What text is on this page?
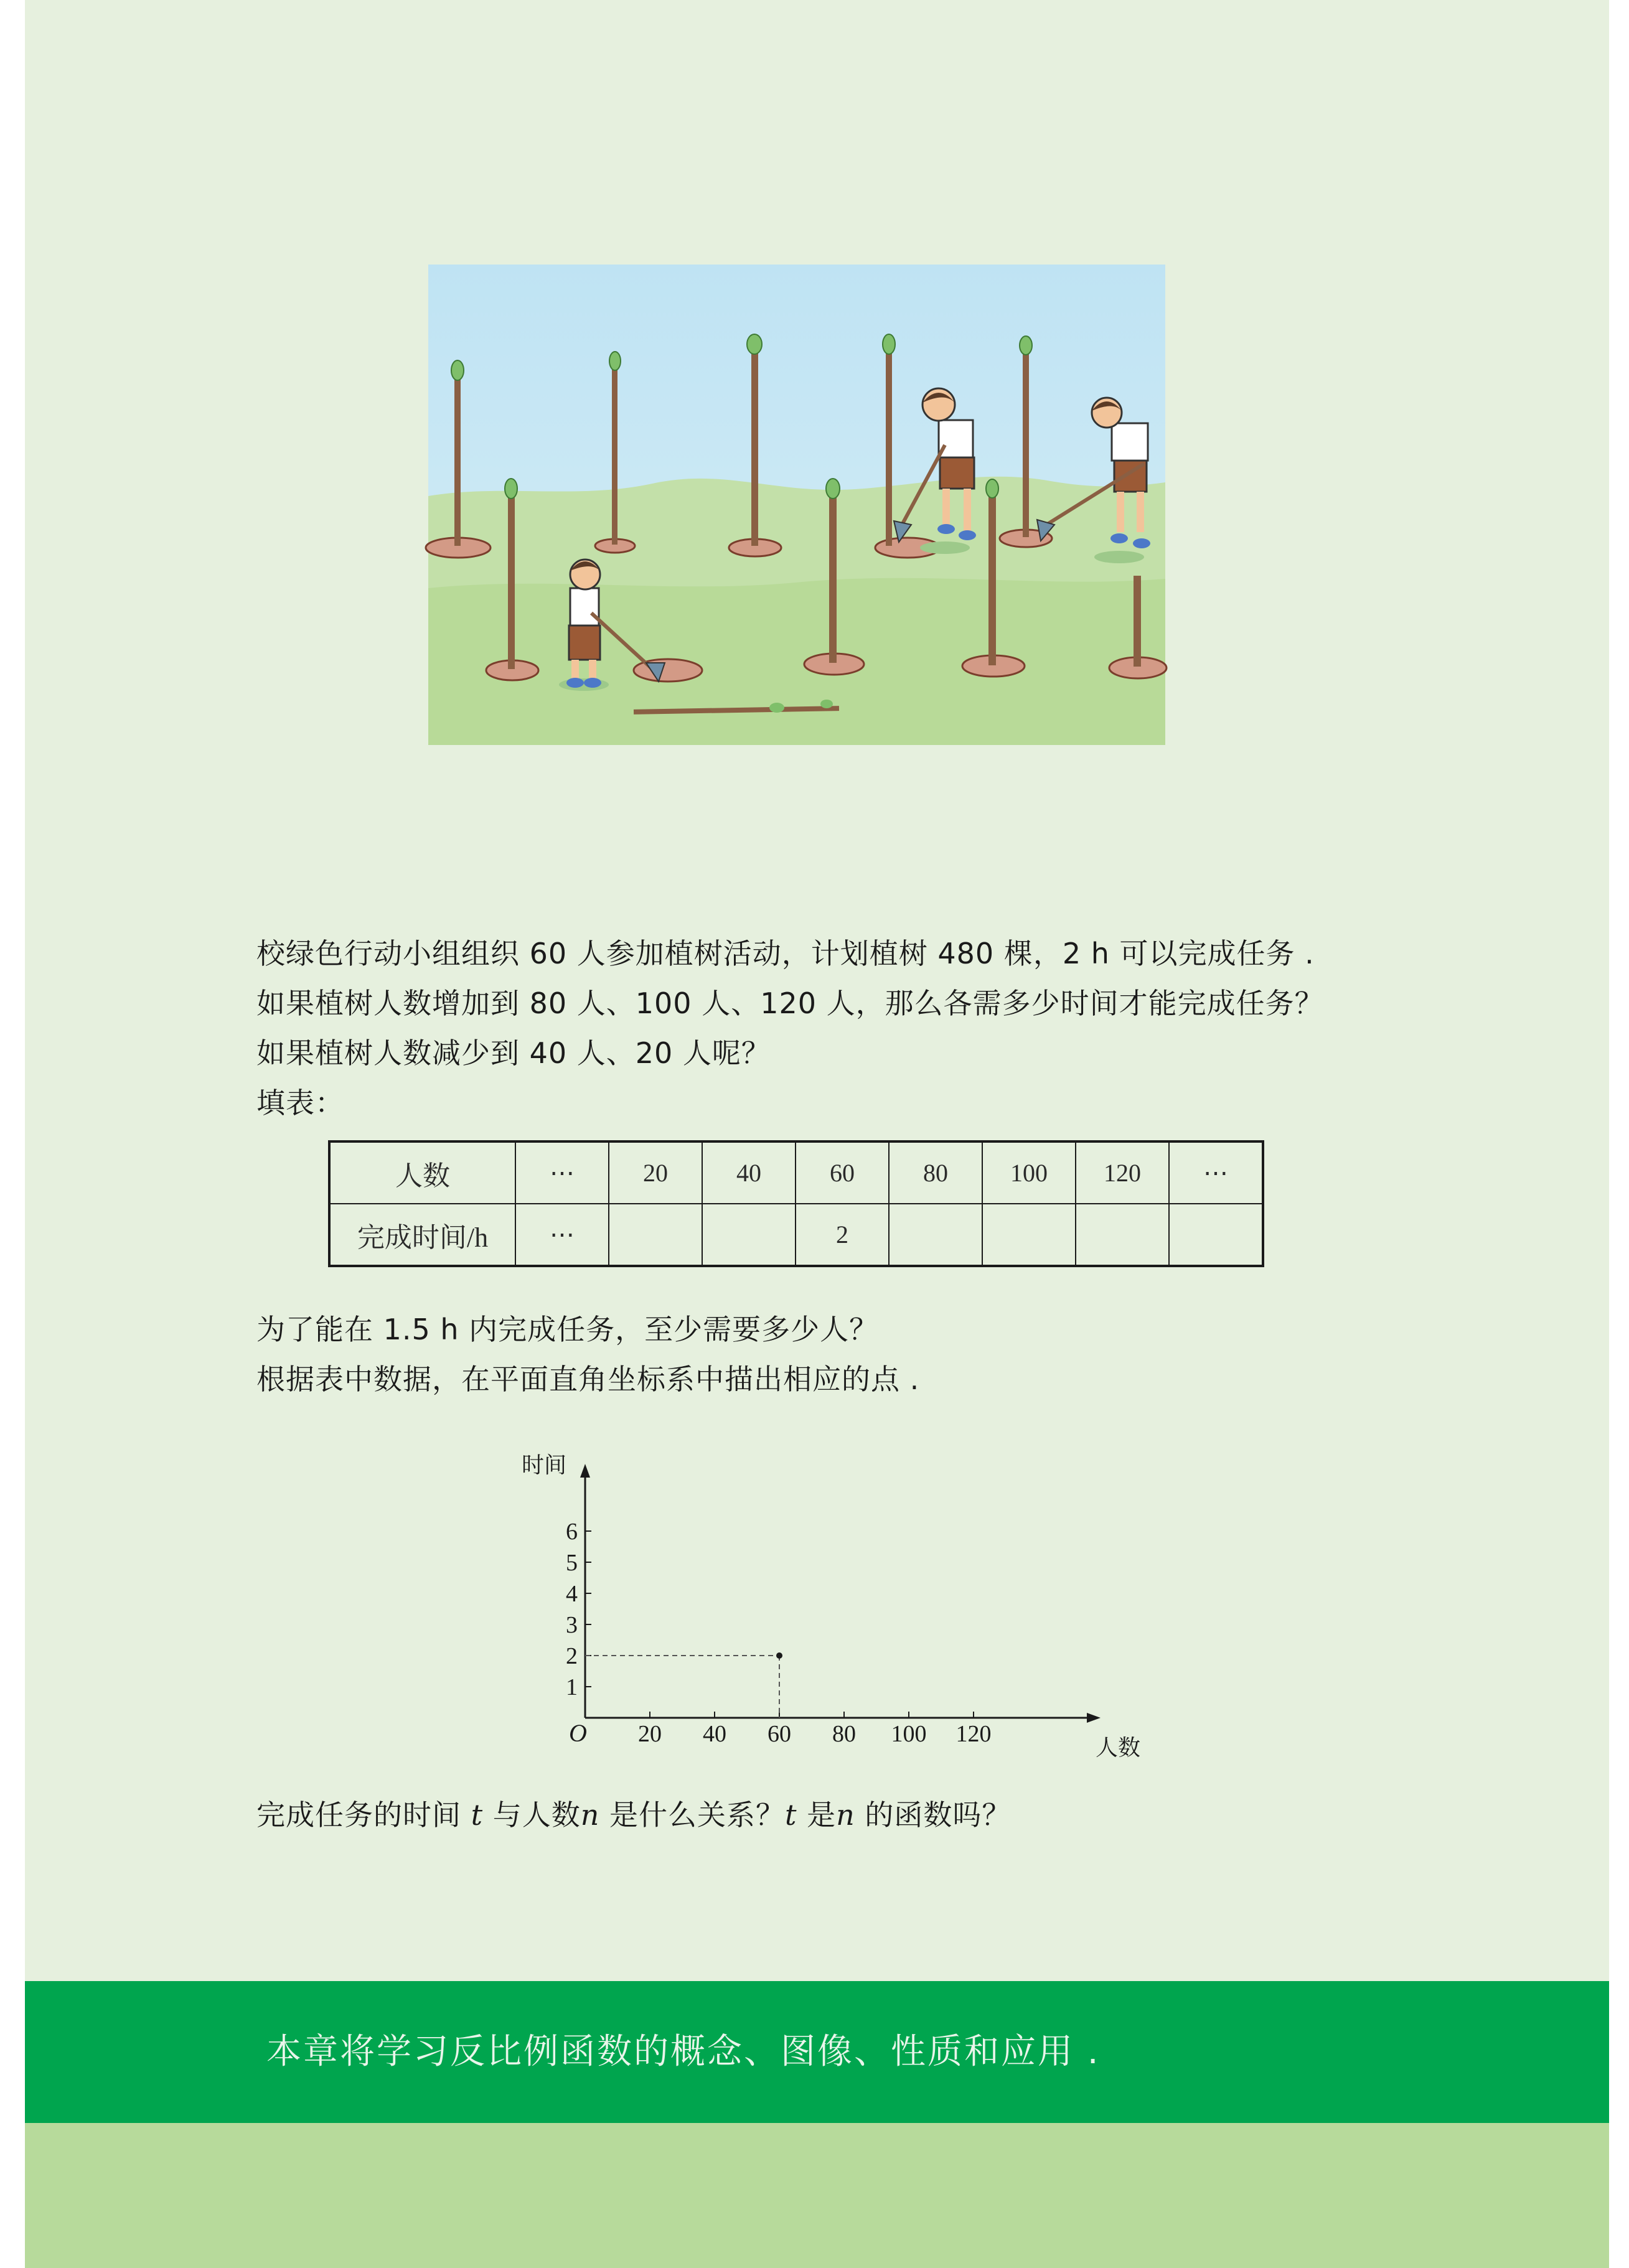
校绿色行动小组组织 60 人参加植树活动，计划植树 480 棵，2 h 可以完成任务 .

如果植树人数增加到 80 人、100 人、120 人，那么各需多少时间才能完成任务？

如果植树人数减少到 40 人、20 人呢？

填表：

人数	⋯	20	40	60	80	100	120	⋯
完成时间/h	⋯			2				

为了能在 1.5 h 内完成任务，至少需要多少人？

根据表中数据，在平面直角坐标系中描出相应的点 .

O 20 40 60 80 100 120
1
2
3
4
5
6
时间
人数

完成任务的时间 t 与人数n 是什么关系？t 是n 的函数吗？

本章将学习反比例函数的概念、图像、性质和应用 .
